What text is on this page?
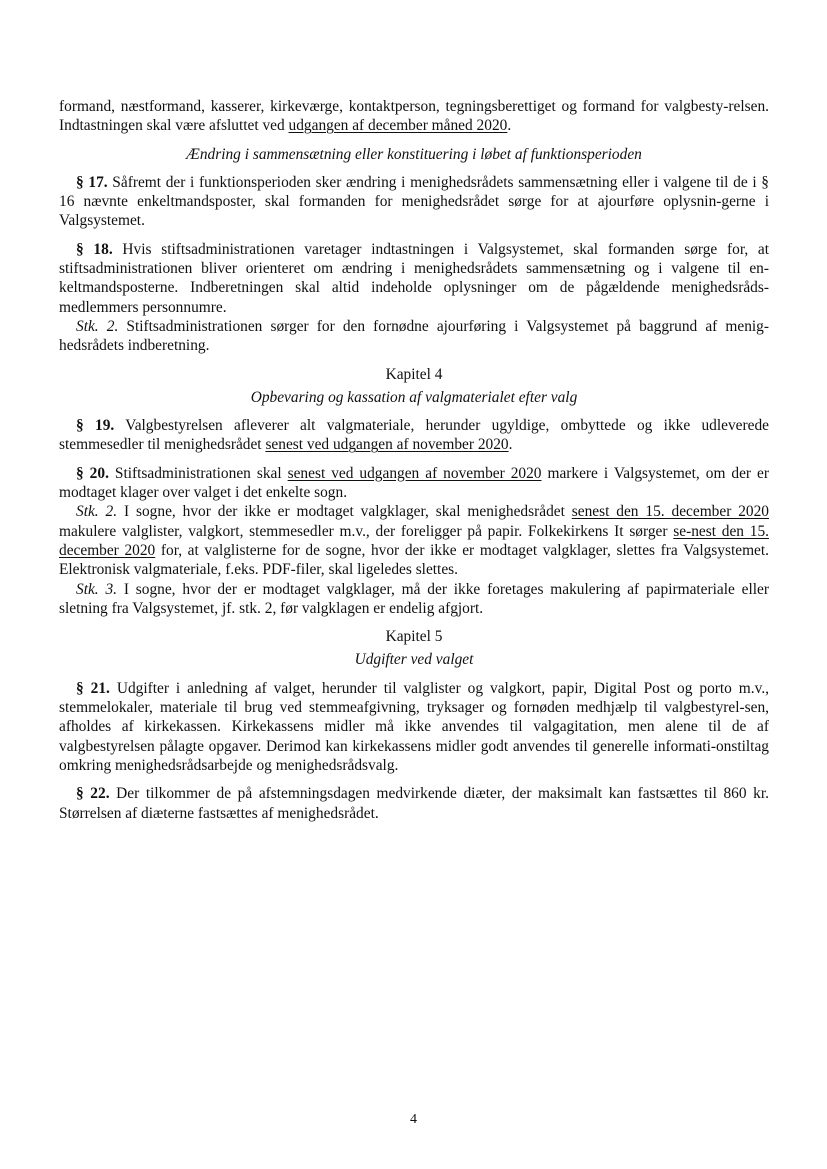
formand, næstformand, kasserer, kirkeværge, kontaktperson, tegningsberettiget og formand for valgbesty-relsen. Indtastningen skal være afsluttet ved udgangen af december måned 2020.

Ændring i sammensætning eller konstituering i løbet af funktionsperioden

§ 17. Såfremt der i funktionsperioden sker ændring i menighedsrådets sammensætning eller i valgene til de i § 16 nævnte enkeltmandsposter, skal formanden for menighedsrådet sørge for at ajourføre oplysnin-gerne i Valgsystemet.

§ 18. Hvis stiftsadministrationen varetager indtastningen i Valgsystemet, skal formanden sørge for, at stiftsadministrationen bliver orienteret om ændring i menighedsrådets sammensætning og i valgene til en-keltmandsposterne. Indberetningen skal altid indeholde oplysninger om de pågældende menighedsråds-medlemmers personnumre.

Stk. 2. Stiftsadministrationen sørger for den fornødne ajourføring i Valgsystemet på baggrund af menig-hedsrådets indberetning.

Kapitel 4

Opbevaring og kassation af valgmaterialet efter valg

§ 19. Valgbestyrelsen afleverer alt valgmateriale, herunder ugyldige, ombyttede og ikke udleverede stemmesedler til menighedsrådet senest ved udgangen af november 2020.

§ 20. Stiftsadministrationen skal senest ved udgangen af november 2020 markere i Valgsystemet, om der er modtaget klager over valget i det enkelte sogn.

Stk. 2. I sogne, hvor der ikke er modtaget valgklager, skal menighedsrådet senest den 15. december 2020 makulere valglister, valgkort, stemmesedler m.v., der foreligger på papir. Folkekirkens It sørger se-nest den 15. december 2020 for, at valglisterne for de sogne, hvor der ikke er modtaget valgklager, slettes fra Valgsystemet. Elektronisk valgmateriale, f.eks. PDF-filer, skal ligeledes slettes.

Stk. 3. I sogne, hvor der er modtaget valgklager, må der ikke foretages makulering af papirmateriale eller sletning fra Valgsystemet, jf. stk. 2, før valgklagen er endelig afgjort.

Kapitel 5

Udgifter ved valget

§ 21. Udgifter i anledning af valget, herunder til valglister og valgkort, papir, Digital Post og porto m.v., stemmelokaler, materiale til brug ved stemmeafgivning, tryksager og fornøden medhjælp til valgbestyrel-sen, afholdes af kirkekassen. Kirkekassens midler må ikke anvendes til valgagitation, men alene til de af valgbestyrelsen pålagte opgaver. Derimod kan kirkekassens midler godt anvendes til generelle informati-onstiltag omkring menighedsrådsarbejde og menighedsrådsvalg.

§ 22. Der tilkommer de på afstemningsdagen medvirkende diæter, der maksimalt kan fastsættes til 860 kr. Størrelsen af diæterne fastsættes af menighedsrådet.

4
